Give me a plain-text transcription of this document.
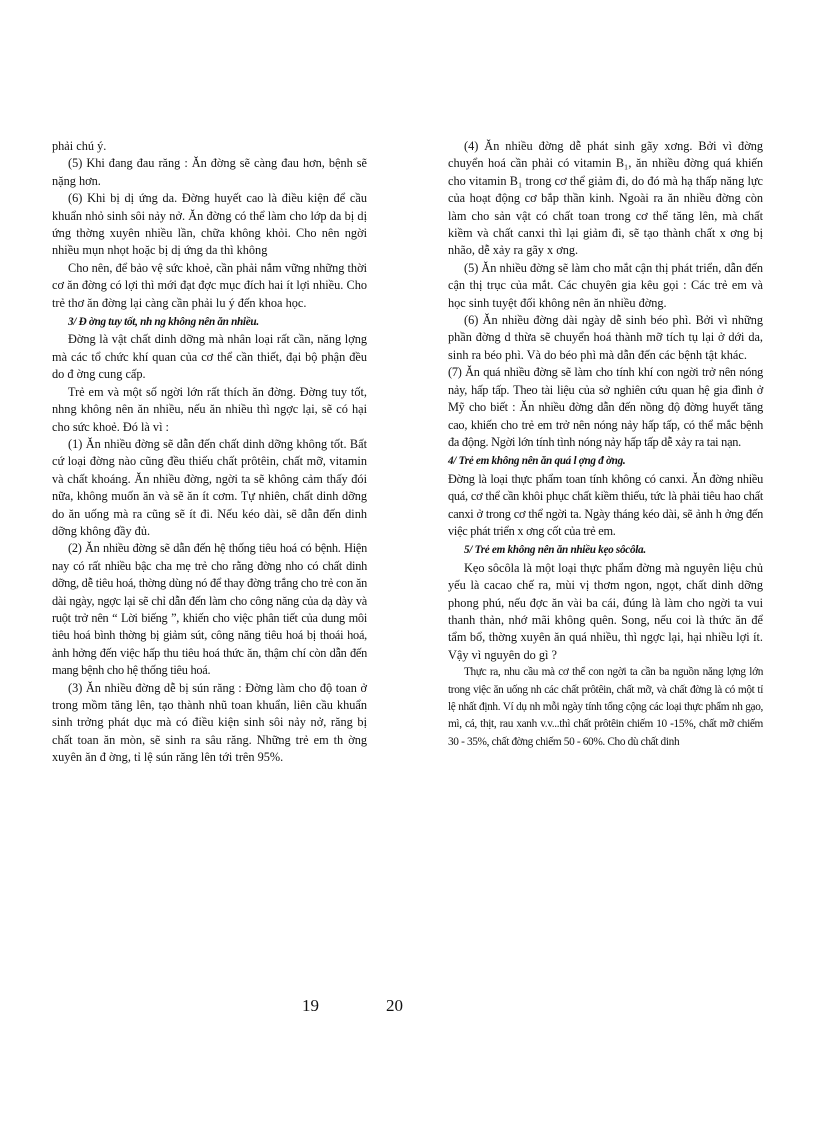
phải chú ý.

(5) Khi đang đau răng : Ăn đờng sẽ càng đau hơn, bệnh sẽ nặng hơn.

(6) Khi bị dị ứng da. Đờng huyết cao là điều kiện để cầu khuẩn nhỏ sinh sôi nảy nở. Ăn đờng có thể làm cho lớp da bị dị ứng thờng xuyên nhiều lần, chữa không khỏi. Cho nên ngời nhiều mụn nhọt hoặc bị dị ứng da thì không

Cho nên, để bảo vệ sức khoẻ, cần phải nắm vững những thời cơ ăn đờng có lợi thì mới đạt đợc mục đích hai ít lợi nhiều. Cho trẻ thơ ăn đờng lại càng cần phải lu ý đến khoa học.

3/ Đ ờng tuy tốt, nh ng không nên ăn nhiều.

Đờng là vật chất dinh dỡng mà nhân loại rất cần, năng lợng mà các tổ chức khí quan của cơ thể cần thiết, đại bộ phận đều do đ ờng cung cấp.

Trẻ em và một số ngời lớn rất thích ăn đờng. Đờng tuy tốt, nhng không nên ăn nhiều, nếu ăn nhiều thì ngợc lại, sẽ có hại cho sức khoẻ. Đó là vì :

(1) Ăn nhiều đờng sẽ dẫn đến chất dinh dỡng không tốt. Bất cứ loại đờng nào cũng đều thiếu chất prôtêin, chất mỡ, vitamin và chất khoáng. Ăn nhiều đờng, ngời ta sẽ không cảm thấy đói nữa, không muốn ăn và sẽ ăn ít cơm. Tự nhiên, chất dinh dỡng do ăn uống mà ra cũng sẽ ít đi. Nếu kéo dài, sẽ dẫn đến dinh dỡng không đầy đủ.

(2) Ăn nhiều đờng sẽ dẫn đến hệ thống tiêu hoá có bệnh. Hiện nay có rất nhiều bậc cha mẹ trẻ cho rằng đờng nho có chất dinh dỡng, dễ tiêu hoá, thờng dùng nó để thay đờng trắng cho trẻ con ăn dài ngày, ngợc lại sẽ chỉ dẫn đến làm cho công năng của dạ dày và ruột trở nên “ Lời biếng ”, khiến cho việc phân tiết của dung môi tiêu hoá bình thờng bị giảm sút, công năng tiêu hoá bị thoái hoá, ảnh hởng đến việc hấp thu tiêu hoá thức ăn, thậm chí còn dẫn đến mang bệnh cho hệ thống tiêu hoá.

(3) Ăn nhiều đờng dễ bị sún răng : Đờng làm cho độ toan ở trong mồm tăng lên, tạo thành nhũ toan khuẩn, liên cầu khuẩn sinh trởng phát dục mà có điều kiện sinh sôi nảy nở, răng bị chất toan ăn mòn, sẽ sinh ra sâu răng. Những trẻ em th ờng xuyên ăn đ ờng, tỉ lệ sún răng lên tới trên 95%.

(4) Ăn nhiều đờng dễ phát sinh gãy xơng. Bởi vì đờng chuyển hoá cần phải có vitamin B₁, ăn nhiều đờng quá khiến cho vitamin B₁ trong cơ thể giảm đi, do đó mà hạ thấp năng lực của hoạt động cơ bắp thần kinh. Ngoài ra ăn nhiều đờng còn làm cho sản vật có chất toan trong cơ thể tăng lên, mà chất kiềm và chất canxi thì lại giảm đi, sẽ tạo thành chất x ơng bị nhão, dễ xảy ra gãy x ơng.

(5) Ăn nhiều đờng sẽ làm cho mắt cận thị phát triển, dẫn đến cận thị trục của mắt. Các chuyên gia kêu gọi : Các trẻ em và học sinh tuyệt đối không nên ăn nhiều đờng.

(6) Ăn nhiều đờng dài ngày dễ sinh béo phì. Bởi vì những phần đờng d thừa sẽ chuyển hoá thành mỡ tích tụ lại ở dới da, sinh ra béo phì. Và do béo phì mà dẫn đến các bệnh tật khác.

(7) Ăn quá nhiều đờng sẽ làm cho tính khí con ngời trở nên nóng nảy, hấp tấp. Theo tài liệu của sở nghiên cứu quan hệ gia đình ở Mỹ cho biết : Ăn nhiều đờng dẫn đến nồng độ đờng huyết tăng cao, khiến cho trẻ em trở nên nóng nảy hấp tấp, có thể mắc bệnh đa động. Ngời lớn tính tình nóng nảy hấp tấp dễ xảy ra tai nạn.

4/ Trẻ em không nên ăn quá l ợng đ ờng.

Đờng là loại thực phẩm toan tính không có canxi. Ăn đờng nhiều quá, cơ thể cần khôi phục chất kiềm thiếu, tức là phải tiêu hao chất canxi ở trong cơ thể ngời ta. Ngày tháng kéo dài, sẽ ảnh h ởng đến việc phát triển x ơng cốt của trẻ em.

5/ Trẻ em không nên ăn nhiều kẹo sôcôla.

Kẹo sôcôla là một loại thực phẩm đờng mà nguyên liệu chủ yếu là cacao chế ra, mùi vị thơm ngon, ngọt, chất dinh dỡng phong phú, nếu đợc ăn vài ba cái, đúng là làm cho ngời ta vui thanh thản, nhớ mãi không quên. Song, nếu coi là thức ăn để tẩm bổ, thờng xuyên ăn quá nhiều, thì ngợc lại, hại nhiều lợi ít. Vậy vì nguyên do gì ?

Thực ra, nhu cầu mà cơ thể con ngời ta cần ba nguồn năng lợng lớn trong việc ăn uống nh các chất prôtêin, chất mỡ, và chất đờng là có một tỉ lệ nhất định. Ví dụ nh mỗi ngày tính tổng cộng các loại thực phẩm nh gạo, mì, cá, thịt, rau xanh v.v...thì chất prôtêin chiếm 10 -15%, chất mỡ chiếm 30 - 35%, chất đờng chiếm 50 - 60%. Cho dù chất dinh

19	20
